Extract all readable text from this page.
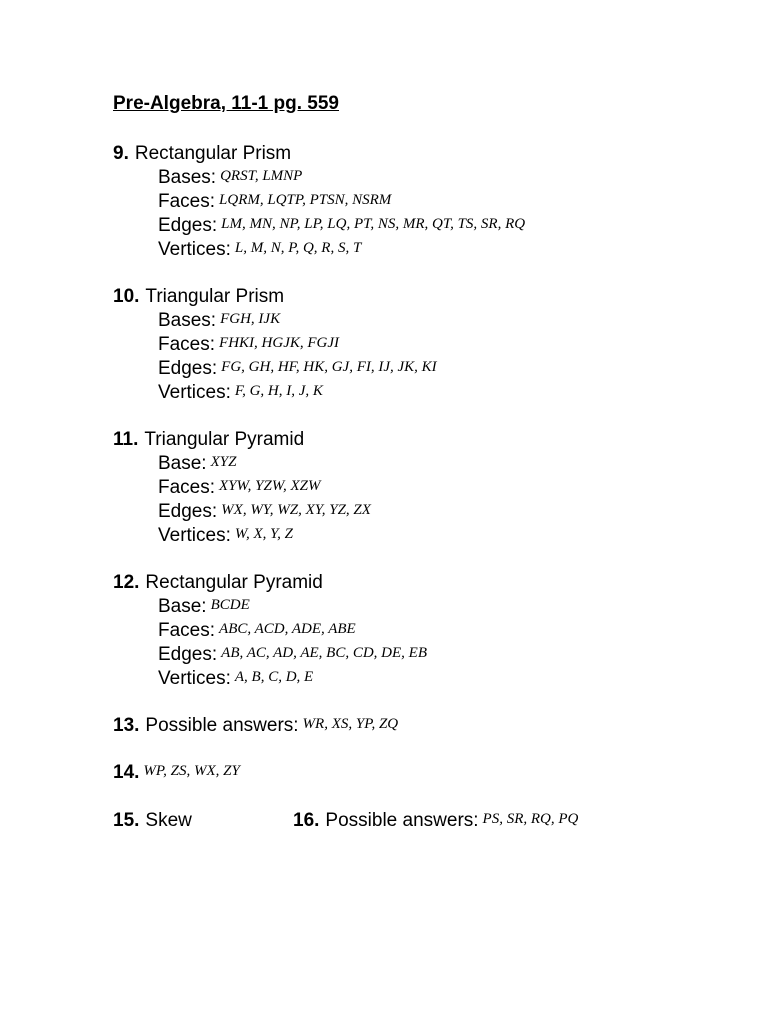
Pre-Algebra, 11-1 pg. 559
9. Rectangular Prism
Bases: QRST, LMNP
Faces: LQRM, LQTP, PTSN, NSRM
Edges: LM, MN, NP, LP, LQ, PT, NS, MR, QT, TS, SR, RQ
Vertices: L, M, N, P, Q, R, S, T
10. Triangular Prism
Bases: FGH, IJK
Faces: FHKI, HGJK, FGJI
Edges: FG, GH, HF, HK, GJ, FI, IJ, JK, KI
Vertices: F, G, H, I, J, K
11. Triangular Pyramid
Base: XYZ
Faces: XYW, YZW, XZW
Edges: WX, WY, WZ, XY, YZ, ZX
Vertices: W, X, Y, Z
12. Rectangular Pyramid
Base: BCDE
Faces: ABC, ACD, ADE, ABE
Edges: AB, AC, AD, AE, BC, CD, DE, EB
Vertices: A, B, C, D, E
13. Possible answers: WR, XS, YP, ZQ
14. WP, ZS, WX, ZY
15. Skew	16. Possible answers: PS, SR, RQ, PQ
